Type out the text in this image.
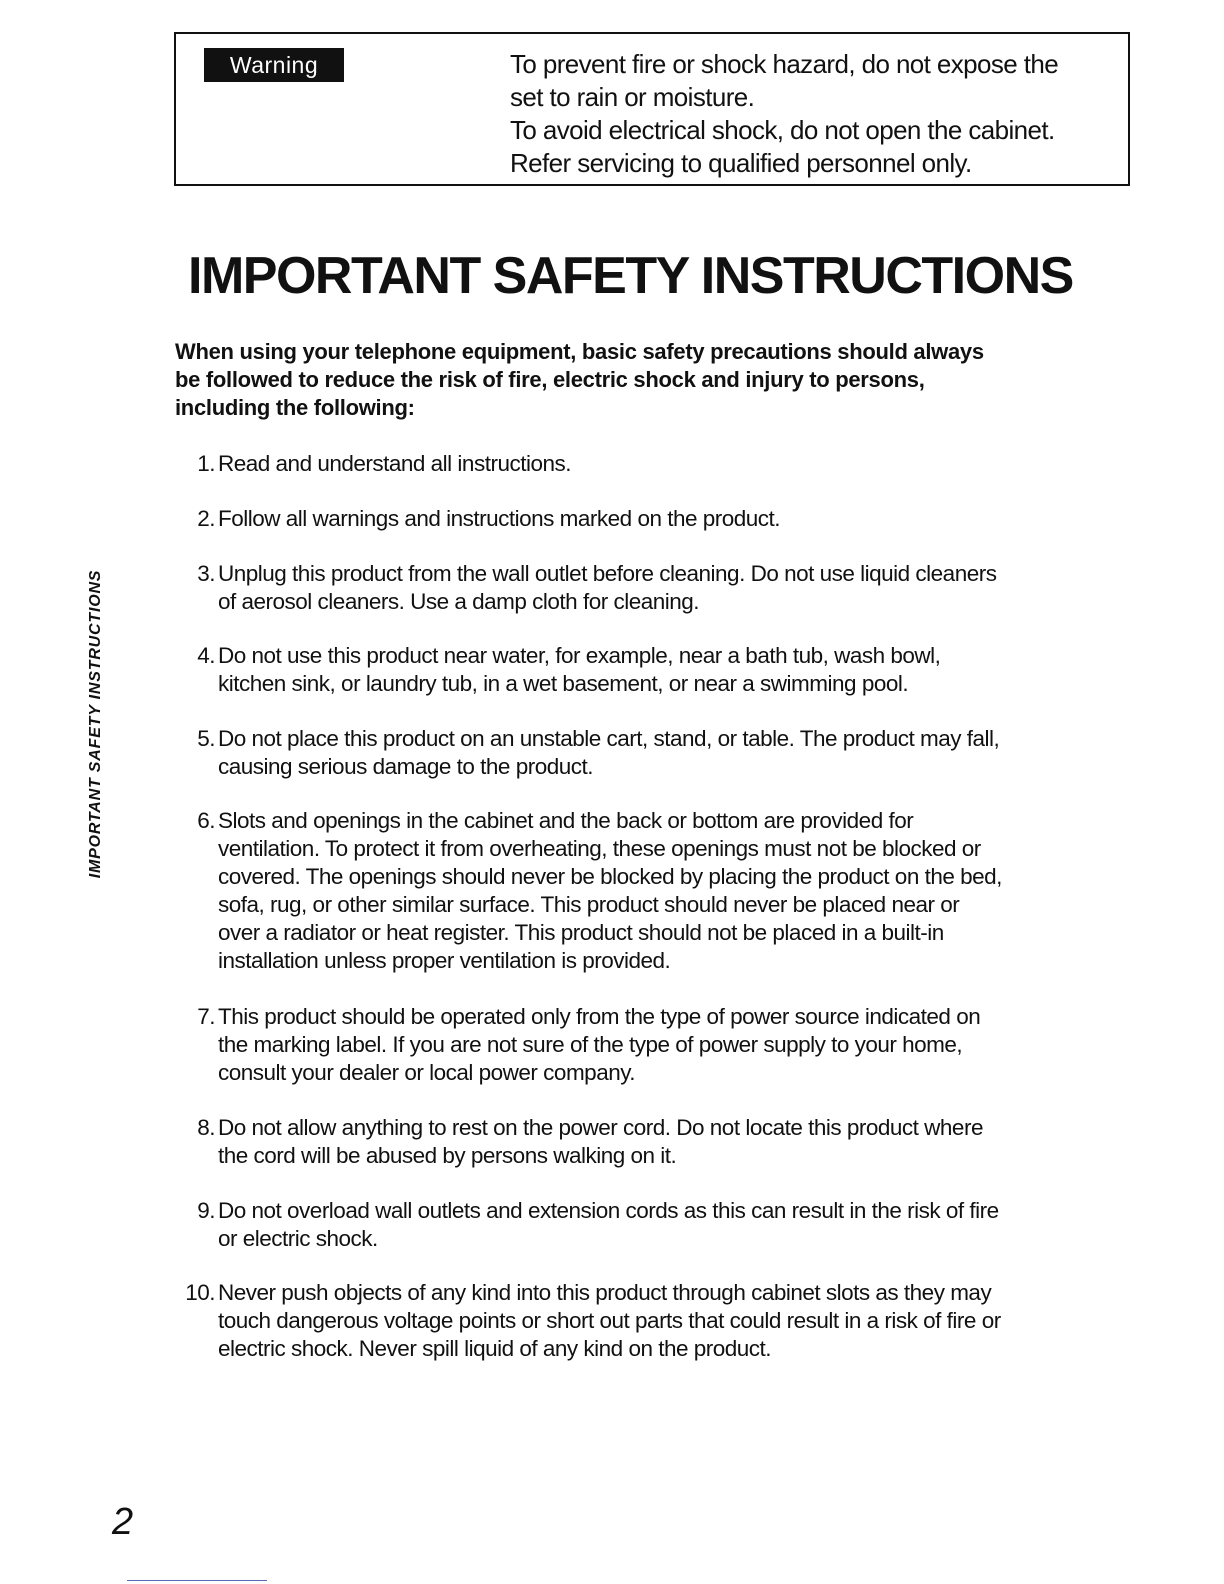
Warning	To prevent fire or shock hazard, do not expose the
set to rain or moisture.
To avoid electrical shock, do not open the cabinet.
Refer servicing to qualified personnel only.
IMPORTANT SAFETY INSTRUCTIONS
When using your telephone equipment, basic safety precautions should always
be followed to reduce the risk of fire, electric shock and injury to persons,
including the following:
1. Read and understand all instructions.
2. Follow all warnings and instructions marked on the product.
3. Unplug this product from the wall outlet before cleaning. Do not use liquid cleaners
of aerosol cleaners. Use a damp cloth for cleaning.
4. Do not use this product near water, for example, near a bath tub, wash bowl,
kitchen sink, or laundry tub, in a wet basement, or near a swimming pool.
5. Do not place this product on an unstable cart, stand, or table. The product may fall,
causing serious damage to the product.
6. Slots and openings in the cabinet and the back or bottom are provided for
ventilation. To protect it from overheating, these openings must not be blocked or
covered. The openings should never be blocked by placing the product on the bed,
sofa, rug, or other similar surface. This product should never be placed near or
over a radiator or heat register. This product should not be placed in a built-in
installation unless proper ventilation is provided.
7. This product should be operated only from the type of power source indicated on
the marking label. If you are not sure of the type of power supply to your home,
consult your dealer or local power company.
8. Do not allow anything to rest on the power cord. Do not locate this product where
the cord will be abused by persons walking on it.
9. Do not overload wall outlets and extension cords as this can result in the risk of fire
or electric shock.
10. Never push objects of any kind into this product through cabinet slots as they may
touch dangerous voltage points or short out parts that could result in a risk of fire or
electric shock. Never spill liquid of any kind on the product.
IMPORTANT SAFETY INSTRUCTIONS
2
